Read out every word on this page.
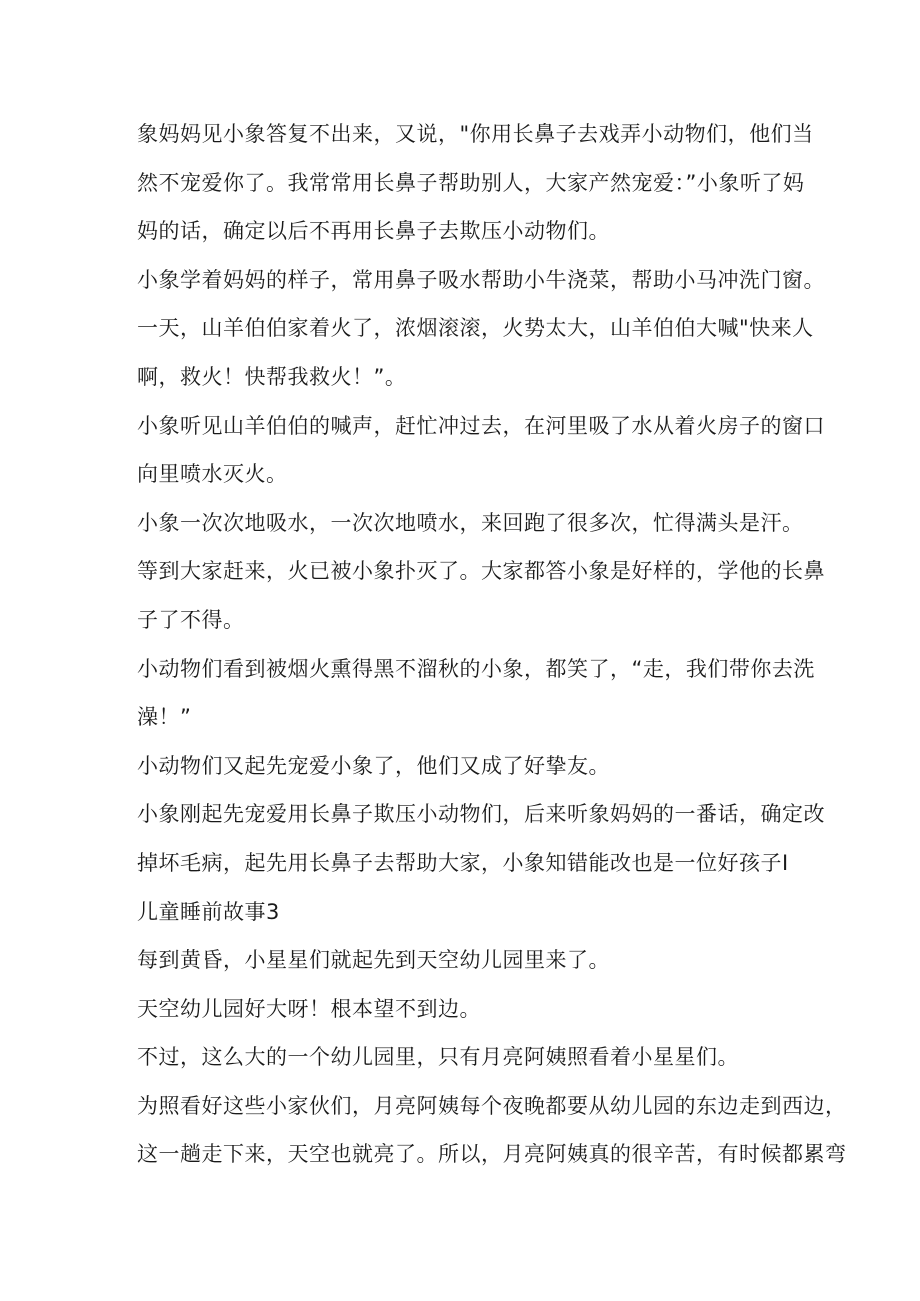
象妈妈见小象答复不出来，又说，"你用长鼻子去戏弄小动物们，他们当
然不宠爱你了。我常常用长鼻子帮助别人，大家产然宠爱：”小象听了妈
妈的话，确定以后不再用长鼻子去欺压小动物们。
小象学着妈妈的样子，常用鼻子吸水帮助小牛浇菜，帮助小马冲洗门窗。
一天，山羊伯伯家着火了，浓烟滚滚，火势太大，山羊伯伯大喊"快来人
啊，救火！快帮我救火！”。
小象听见山羊伯伯的喊声，赶忙冲过去，在河里吸了水从着火房子的窗口
向里喷水灭火。
小象一次次地吸水，一次次地喷水，来回跑了很多次，忙得满头是汗。
等到大家赶来，火已被小象扑灭了。大家都答小象是好样的，学他的长鼻
子了不得。
小动物们看到被烟火熏得黑不溜秋的小象，都笑了，“走，我们带你去洗
澡！”
小动物们又起先宠爱小象了，他们又成了好挚友。
小象刚起先宠爱用长鼻子欺压小动物们，后来听象妈妈的一番话，确定改
掉坏毛病，起先用长鼻子去帮助大家，小象知错能改也是一位好孩子I
儿童睡前故事3
每到黄昏，小星星们就起先到天空幼儿园里来了。
天空幼儿园好大呀！根本望不到边。
不过，这么大的一个幼儿园里，只有月亮阿姨照看着小星星们。
为照看好这些小家伙们，月亮阿姨每个夜晚都要从幼儿园的东边走到西边，
这一趟走下来，天空也就亮了。所以，月亮阿姨真的很辛苦，有时候都累弯
